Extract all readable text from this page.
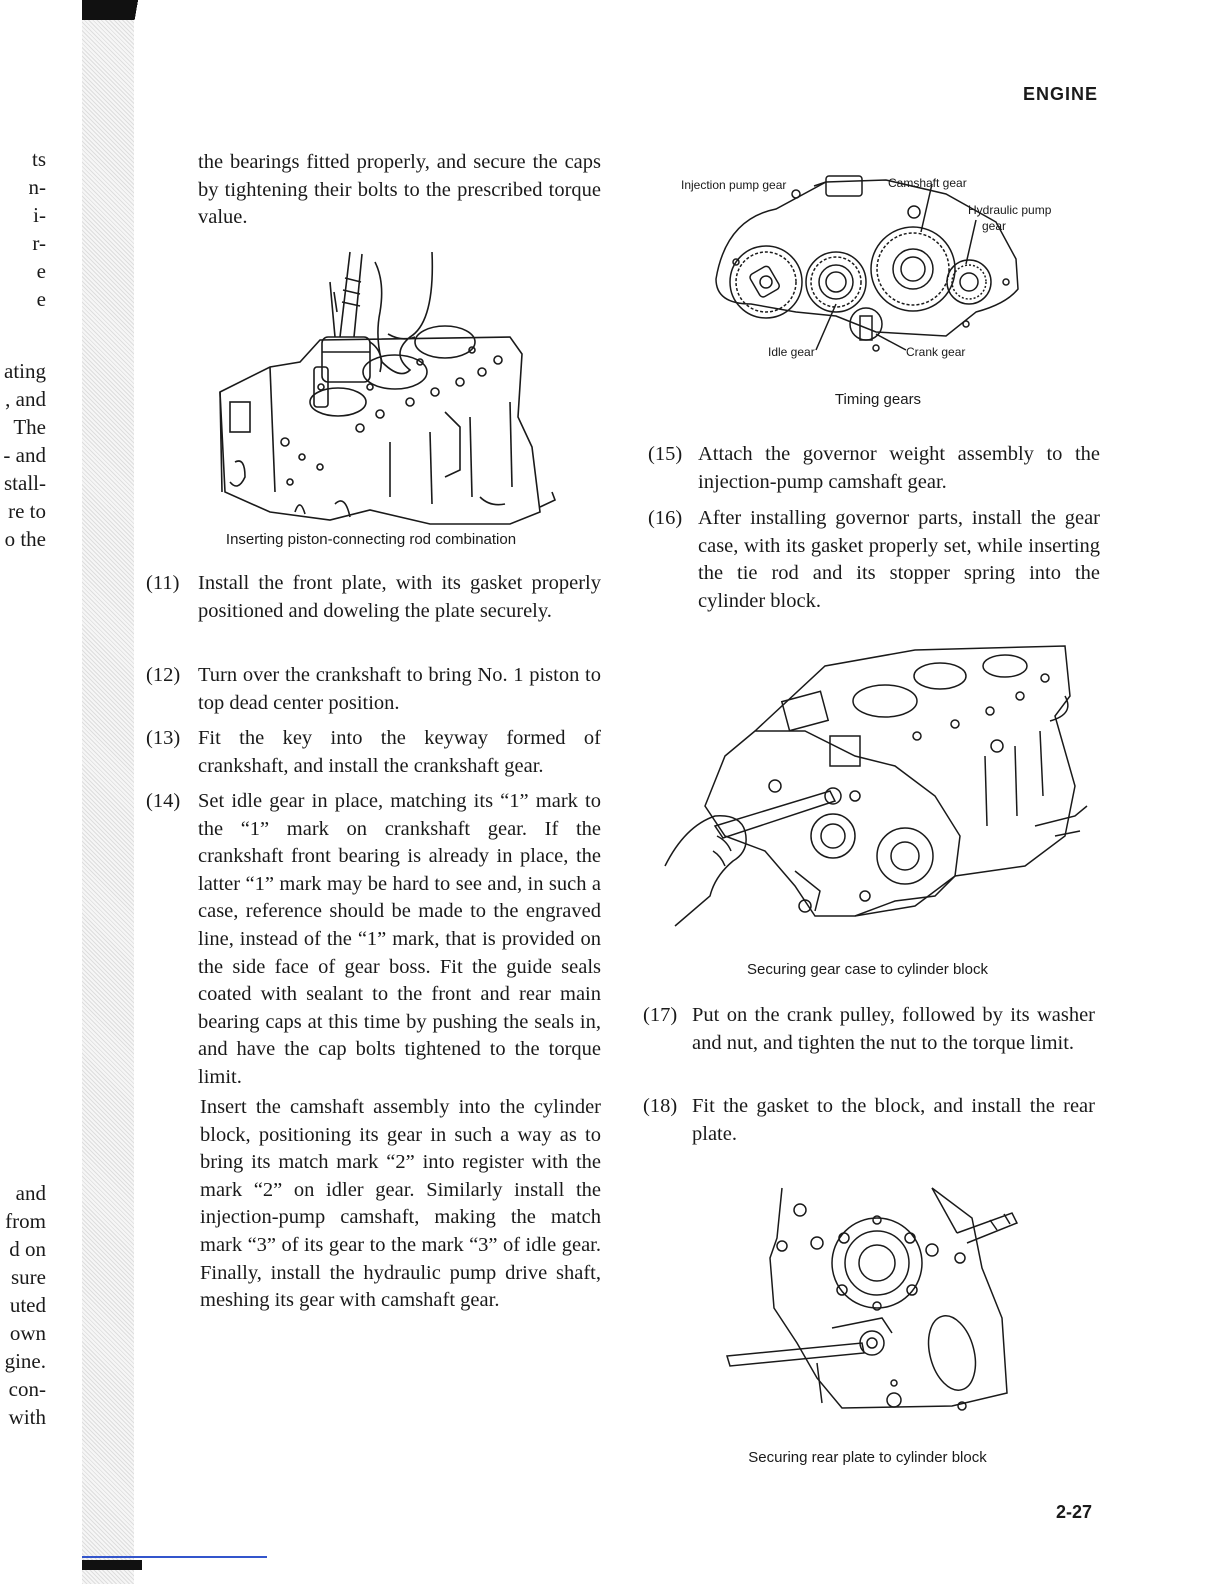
ts
n-
i-
r-
e
e
ating
, and
The
- and
stall-
re to
o the
and
from
d on
sure
uted
own
gine.
con-
with
ENGINE

the bearings fitted properly, and secure the caps by tightening their bolts to the prescribed torque value.

Inserting piston-connecting rod combination
(11) Install the front plate, with its gasket properly positioned and doweling the plate securely.
(12) Turn over the crankshaft to bring No. 1 piston to top dead center position.
(13) Fit the key into the keyway formed of crankshaft, and install the crankshaft gear.
(14) Set idle gear in place, matching its “1” mark to the “1” mark on crankshaft gear. If the crankshaft front bearing is already in place, the latter “1” mark may be hard to see and, in such a case, reference should be made to the engraved line, instead of the “1” mark, that is provided on the side face of gear boss. Fit the guide seals coated with sealant to the front and rear main bearing caps at this time by pushing the seals in, and have the cap bolts tightened to the torque limit.

Insert the camshaft assembly into the cylinder block, positioning its gear in such a way as to bring its match mark “2” into register with the mark “2” on idler gear. Similarly install the injection-pump camshaft, making the match mark “3” of its gear to the mark “3” of idle gear. Finally, install the hydraulic pump drive shaft, meshing its gear with camshaft gear.

Injection pump gear	Camshaft gear
Hydraulic pump
gear
Idle gear	Crank gear
Timing gears
(15) Attach the governor weight assembly to the injection-pump camshaft gear.
(16) After installing governor parts, install the gear case, with its gasket properly set, while inserting the tie rod and its stopper spring into the cylinder block.
Securing gear case to cylinder block
(17) Put on the crank pulley, followed by its washer and nut, and tighten the nut to the torque limit.
(18) Fit the gasket to the block, and install the rear plate.
Securing rear plate to cylinder block
2-27
